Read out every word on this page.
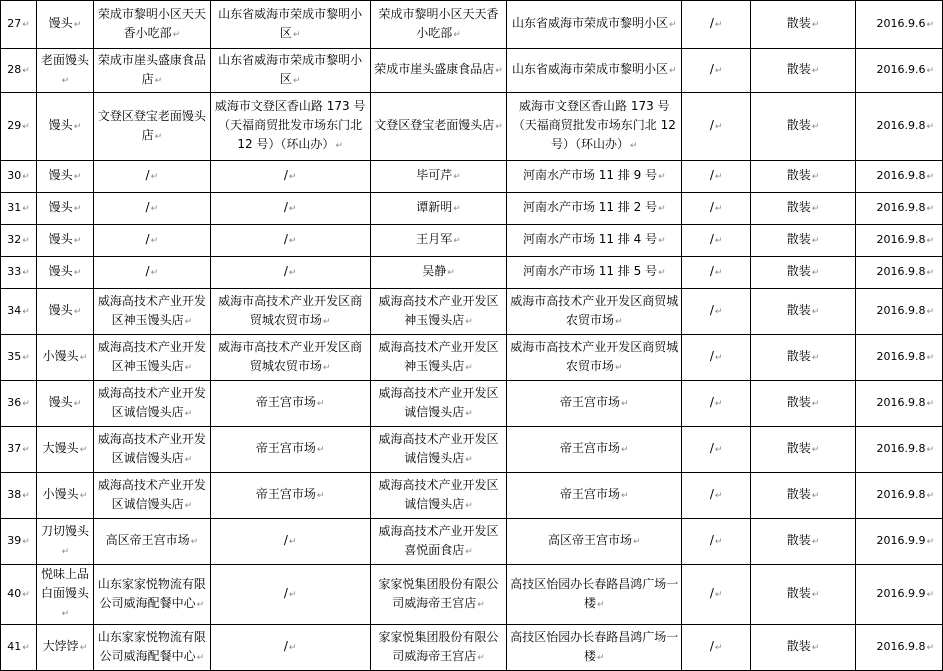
27↵	馒头↵	荣成市黎明小区天天香小吃部↵	山东省威海市荣成市黎明小区↵	荣成市黎明小区天天香小吃部↵	山东省威海市荣成市黎明小区↵	/↵	散装↵	2016.9.6↵
28↵	老面馒头↵	荣成市崖头盛康食品店↵	山东省威海市荣成市黎明小区↵	荣成市崖头盛康食品店↵	山东省威海市荣成市黎明小区↵	/↵	散装↵	2016.9.6↵
29↵	馒头↵	文登区登宝老面馒头店↵	威海市文登区香山路 173 号（天福商贸批发市场东门北 12 号）（环山办）↵	文登区登宝老面馒头店↵	威海市文登区香山路 173 号（天福商贸批发市场东门北 12 号）（环山办）↵	/↵	散装↵	2016.9.8↵
30↵	馒头↵	/↵	/↵	毕可芹↵	河南水产市场 11 排 9 号↵	/↵	散装↵	2016.9.8↵
31↵	馒头↵	/↵	/↵	谭新明↵	河南水产市场 11 排 2 号↵	/↵	散装↵	2016.9.8↵
32↵	馒头↵	/↵	/↵	王月军↵	河南水产市场 11 排 4 号↵	/↵	散装↵	2016.9.8↵
33↵	馒头↵	/↵	/↵	吴静↵	河南水产市场 11 排 5 号↵	/↵	散装↵	2016.9.8↵
34↵	馒头↵	威海高技术产业开发区神玉馒头店↵	威海市高技术产业开发区商贸城农贸市场↵	威海高技术产业开发区神玉馒头店↵	威海市高技术产业开发区商贸城农贸市场↵	/↵	散装↵	2016.9.8↵
35↵	小馒头↵	威海高技术产业开发区神玉馒头店↵	威海市高技术产业开发区商贸城农贸市场↵	威海高技术产业开发区神玉馒头店↵	威海市高技术产业开发区商贸城农贸市场↵	/↵	散装↵	2016.9.8↵
36↵	馒头↵	威海高技术产业开发区诚信馒头店↵	帝王宫市场↵	威海高技术产业开发区诚信馒头店↵	帝王宫市场↵	/↵	散装↵	2016.9.8↵
37↵	大馒头↵	威海高技术产业开发区诚信馒头店↵	帝王宫市场↵	威海高技术产业开发区诚信馒头店↵	帝王宫市场↵	/↵	散装↵	2016.9.8↵
38↵	小馒头↵	威海高技术产业开发区诚信馒头店↵	帝王宫市场↵	威海高技术产业开发区诚信馒头店↵	帝王宫市场↵	/↵	散装↵	2016.9.8↵
39↵	刀切馒头↵	高区帝王宫市场↵	/↵	威海高技术产业开发区喜悦面食店↵	高区帝王宫市场↵	/↵	散装↵	2016.9.9↵
40↵	悦味上品白面馒头↵	山东家家悦物流有限公司威海配餐中心↵	/↵	家家悦集团股份有限公司威海帝王宫店↵	高技区怡园办长春路昌鸿广场一楼↵	/↵	散装↵	2016.9.9↵
41↵	大饽饽↵	山东家家悦物流有限公司威海配餐中心↵	/↵	家家悦集团股份有限公司威海帝王宫店↵	高技区怡园办长春路昌鸿广场一楼↵	/↵	散装↵	2016.9.8↵
